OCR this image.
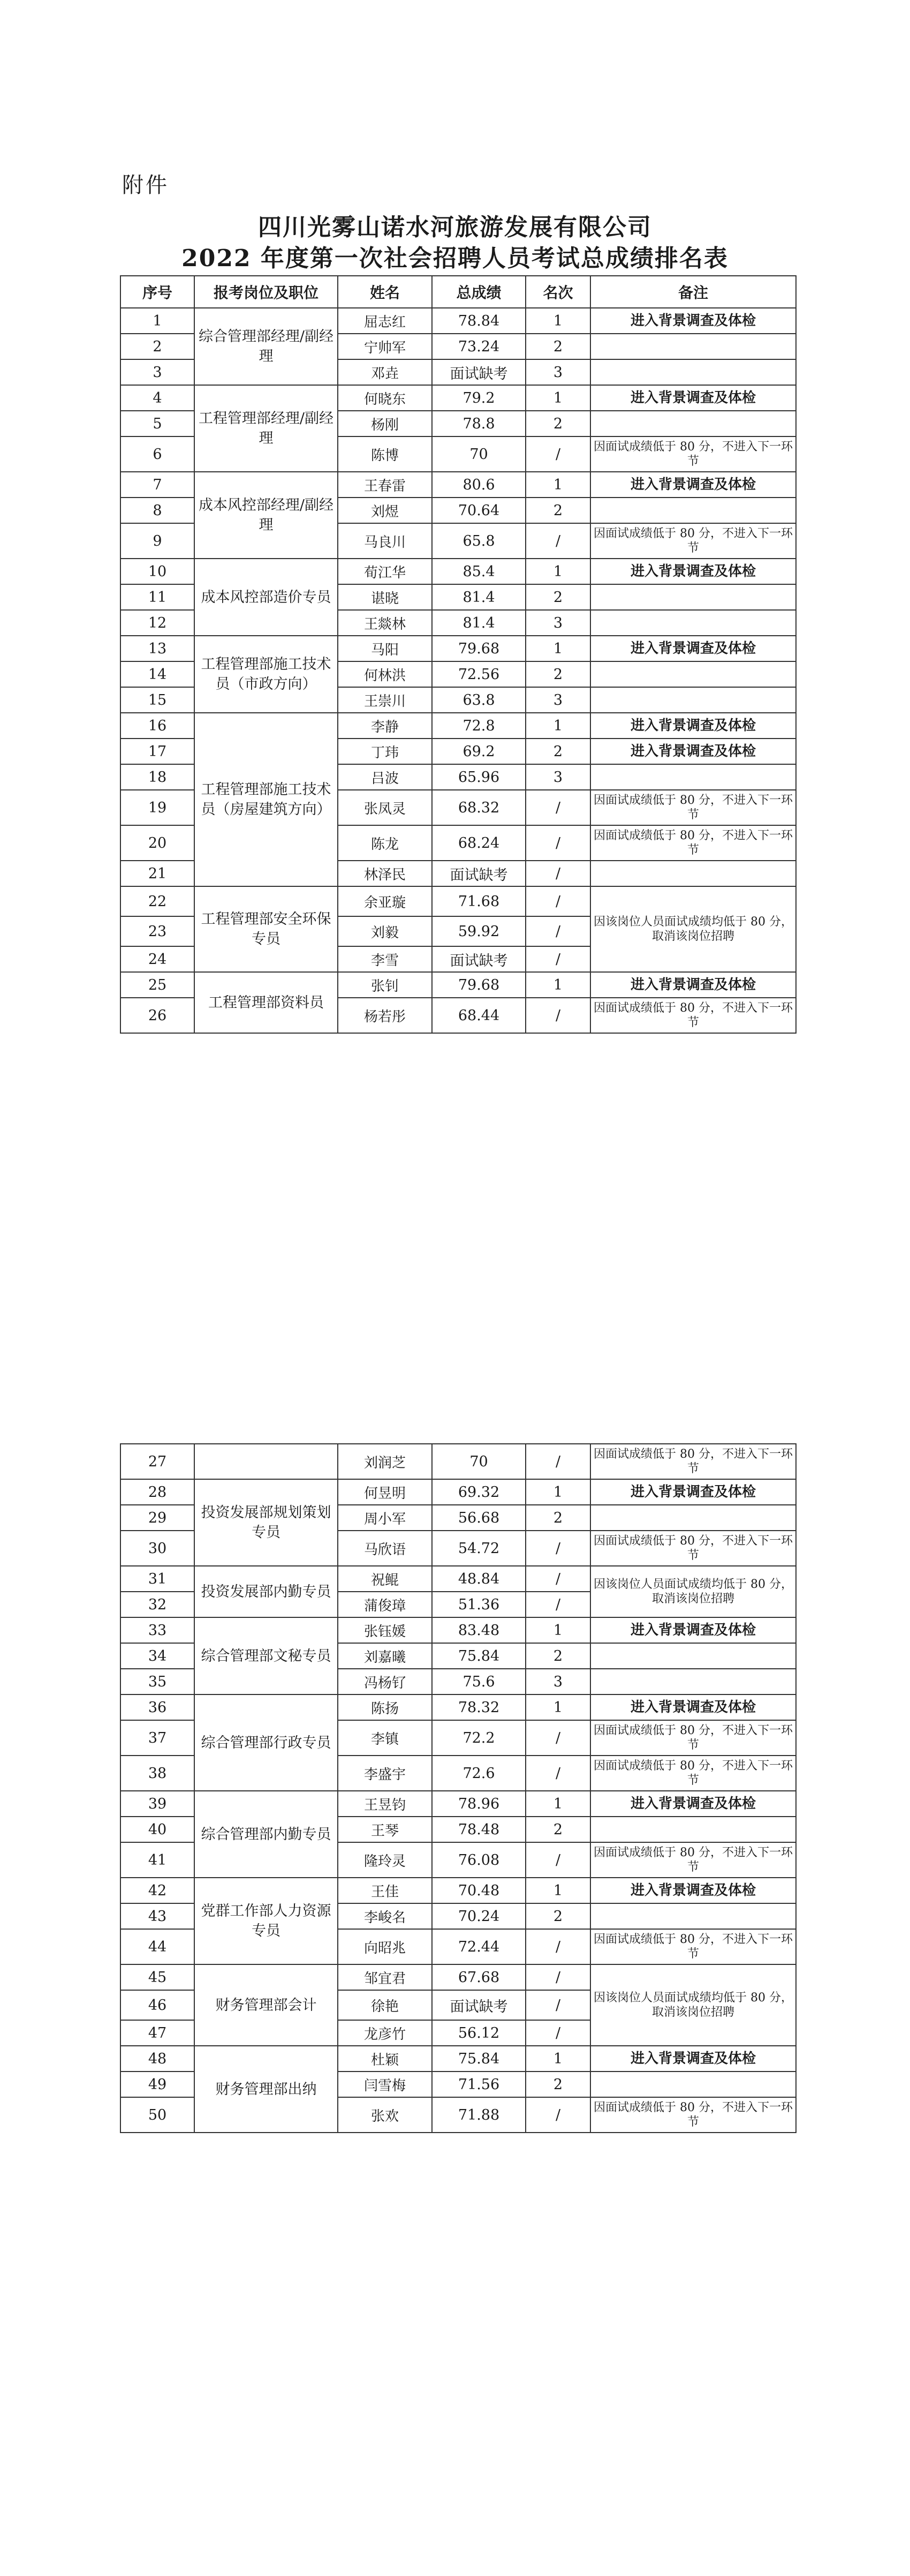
附件
四川光雾山诺水河旅游发展有限公司
2022 年度第一次社会招聘人员考试总成绩排名表
序号	报考岗位及职位	姓名	总成绩	名次	备注
1	综合管理部经理/副经理	屈志红	78.84	1	进入背景调查及体检
2		宁帅军	73.24	2	
3		邓垚	面试缺考	3	
4	工程管理部经理/副经理	何晓东	79.2	1	进入背景调查及体检
5		杨刚	78.8	2	
6		陈博	70	/	因面试成绩低于 80 分，不进入下一环节
7	成本风控部经理/副经理	王春雷	80.6	1	进入背景调查及体检
8		刘煜	70.64	2	
9		马良川	65.8	/	因面试成绩低于 80 分，不进入下一环节
10	成本风控部造价专员	荀江华	85.4	1	进入背景调查及体检
11		谌晓	81.4	2	
12		王燚林	81.4	3	
13	工程管理部施工技术员（市政方向）	马阳	79.68	1	进入背景调查及体检
14		何林洪	72.56	2	
15		王崇川	63.8	3	
16	工程管理部施工技术员（房屋建筑方向）	李静	72.8	1	进入背景调查及体检
17		丁玮	69.2	2	进入背景调查及体检
18		吕波	65.96	3	
19		张凤灵	68.32	/	因面试成绩低于 80 分，不进入下一环节
20		陈龙	68.24	/	因面试成绩低于 80 分，不进入下一环节
21		林泽民	面试缺考	/	
22	工程管理部安全环保专员	余亚璇	71.68	/	因该岗位人员面试成绩均低于 80 分，取消该岗位招聘
23		刘毅	59.92	/	
24		李雪	面试缺考	/	
25	工程管理部资料员	张钊	79.68	1	进入背景调查及体检
26		杨若彤	68.44	/	因面试成绩低于 80 分，不进入下一环节
27		刘润芝	70	/	因面试成绩低于 80 分，不进入下一环节
28	投资发展部规划策划专员	何昱明	69.32	1	进入背景调查及体检
29		周小军	56.68	2	
30		马欣语	54.72	/	因面试成绩低于 80 分，不进入下一环节
31	投资发展部内勤专员	祝鲲	48.84	/	因该岗位人员面试成绩均低于 80 分，取消该岗位招聘
32		蒲俊璋	51.36	/	
33	综合管理部文秘专员	张钰媛	83.48	1	进入背景调查及体检
34		刘嘉曦	75.84	2	
35		冯杨钌	75.6	3	
36	综合管理部行政专员	陈扬	78.32	1	进入背景调查及体检
37		李镇	72.2	/	因面试成绩低于 80 分，不进入下一环节
38		李盛宇	72.6	/	因面试成绩低于 80 分，不进入下一环节
39	综合管理部内勤专员	王昱钧	78.96	1	进入背景调查及体检
40		王琴	78.48	2	
41		隆玲灵	76.08	/	因面试成绩低于 80 分，不进入下一环节
42	党群工作部人力资源专员	王佳	70.48	1	进入背景调查及体检
43		李峻名	70.24	2	
44		向昭兆	72.44	/	因面试成绩低于 80 分，不进入下一环节
45	财务管理部会计	邹宜君	67.68	/	因该岗位人员面试成绩均低于 80 分，取消该岗位招聘
46		徐艳	面试缺考	/	
47		龙彦竹	56.12	/	
48	财务管理部出纳	杜颖	75.84	1	进入背景调查及体检
49		闫雪梅	71.56	2	
50		张欢	71.88	/	因面试成绩低于 80 分，不进入下一环节
